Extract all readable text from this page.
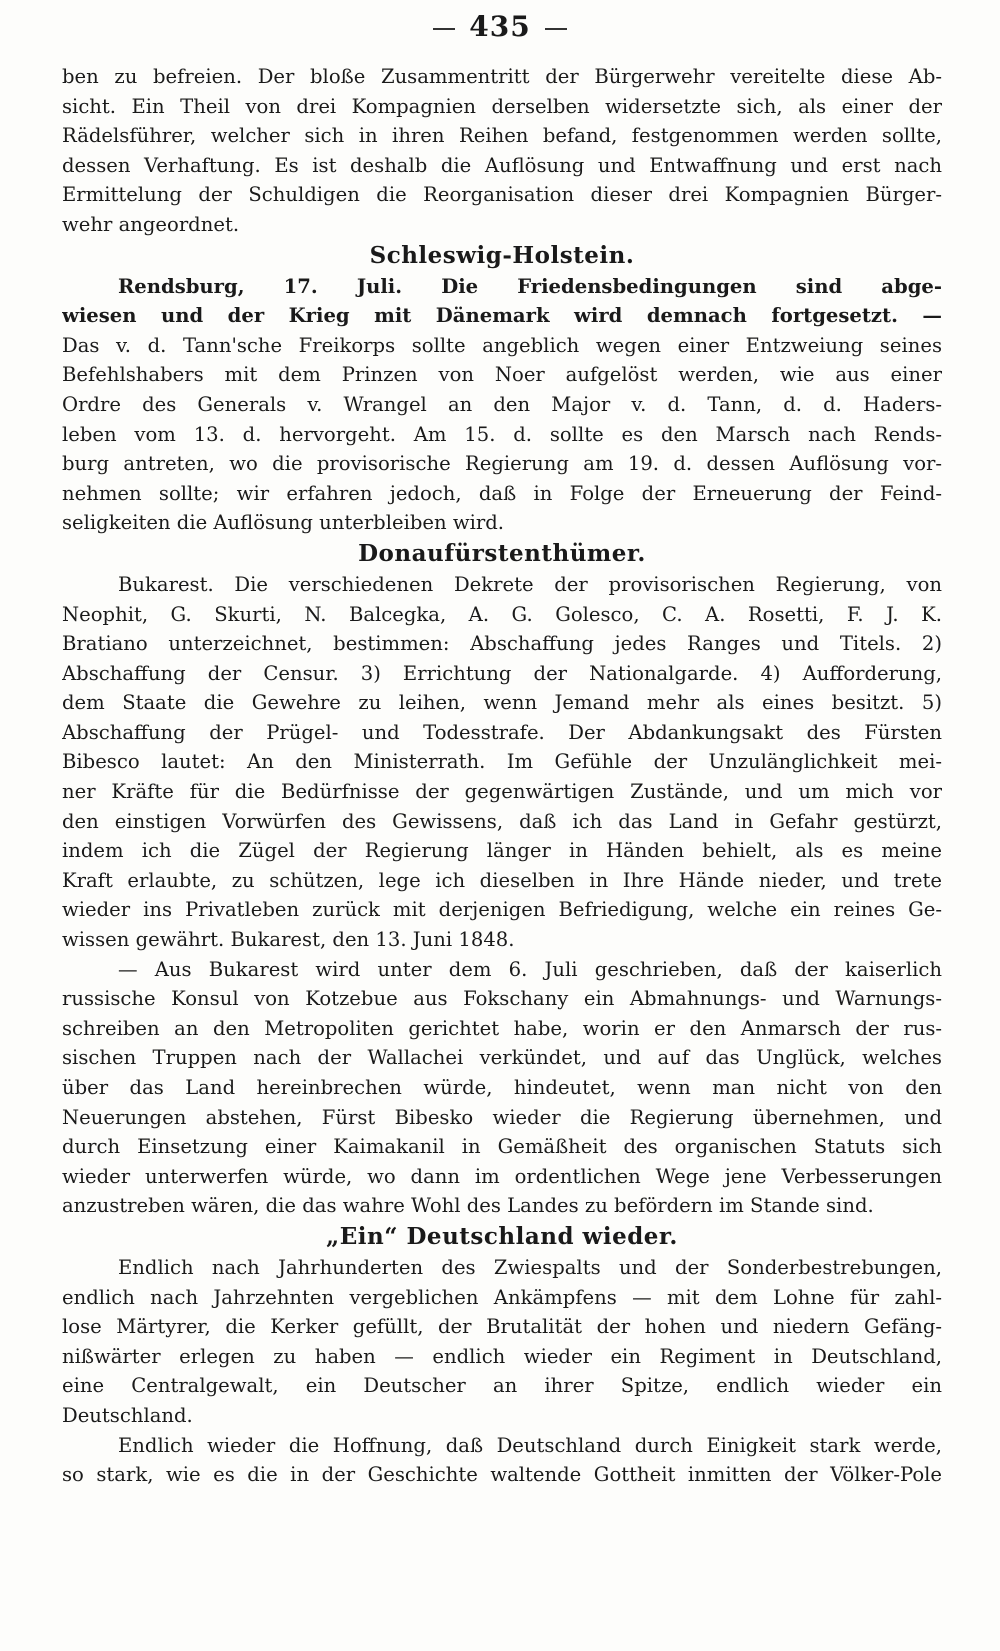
435
ben zu befreien. Der bloße Zusammentritt der Bürgerwehr vereitelte diese Ab-
sicht. Ein Theil von drei Kompagnien derselben widersetzte sich, als einer der
Rädelsführer, welcher sich in ihren Reihen befand, festgenommen werden sollte,
dessen Verhaftung. Es ist deshalb die Auflösung und Entwaffnung und erst nach
Ermittelung der Schuldigen die Reorganisation dieser drei Kompagnien Bürger-
wehr angeordnet.
Schleswig-Holstein.
Rendsburg, 17. Juli. Die Friedensbedingungen sind abge-
wiesen und der Krieg mit Dänemark wird demnach fortgesetzt. —
Das v. d. Tann'sche Freikorps sollte angeblich wegen einer Entzweiung seines
Befehlshabers mit dem Prinzen von Noer aufgelöst werden, wie aus einer
Ordre des Generals v. Wrangel an den Major v. d. Tann, d. d. Haders-
leben vom 13. d. hervorgeht. Am 15. d. sollte es den Marsch nach Rends-
burg antreten, wo die provisorische Regierung am 19. d. dessen Auflösung vor-
nehmen sollte; wir erfahren jedoch, daß in Folge der Erneuerung der Feind-
seligkeiten die Auflösung unterbleiben wird.
Donaufürstenthümer.
Bukarest. Die verschiedenen Dekrete der provisorischen Regierung, von
Neophit, G. Skurti, N. Balcegka, A. G. Golesco, C. A. Rosetti, F. J. K.
Bratiano unterzeichnet, bestimmen: Abschaffung jedes Ranges und Titels. 2)
Abschaffung der Censur. 3) Errichtung der Nationalgarde. 4) Aufforderung,
dem Staate die Gewehre zu leihen, wenn Jemand mehr als eines besitzt. 5)
Abschaffung der Prügel- und Todesstrafe. Der Abdankungsakt des Fürsten
Bibesco lautet: An den Ministerrath. Im Gefühle der Unzulänglichkeit mei-
ner Kräfte für die Bedürfnisse der gegenwärtigen Zustände, und um mich vor
den einstigen Vorwürfen des Gewissens, daß ich das Land in Gefahr gestürzt,
indem ich die Zügel der Regierung länger in Händen behielt, als es meine
Kraft erlaubte, zu schützen, lege ich dieselben in Ihre Hände nieder, und trete
wieder ins Privatleben zurück mit derjenigen Befriedigung, welche ein reines Ge-
wissen gewährt. Bukarest, den 13. Juni 1848.
— Aus Bukarest wird unter dem 6. Juli geschrieben, daß der kaiserlich
russische Konsul von Kotzebue aus Fokschany ein Abmahnungs- und Warnungs-
schreiben an den Metropoliten gerichtet habe, worin er den Anmarsch der rus-
sischen Truppen nach der Wallachei verkündet, und auf das Unglück, welches
über das Land hereinbrechen würde, hindeutet, wenn man nicht von den
Neuerungen abstehen, Fürst Bibesko wieder die Regierung übernehmen, und
durch Einsetzung einer Kaimakanil in Gemäßheit des organischen Statuts sich
wieder unterwerfen würde, wo dann im ordentlichen Wege jene Verbesserungen
anzustreben wären, die das wahre Wohl des Landes zu befördern im Stande sind.
„Ein“ Deutschland wieder.
Endlich nach Jahrhunderten des Zwiespalts und der Sonderbestrebungen,
endlich nach Jahrzehnten vergeblichen Ankämpfens — mit dem Lohne für zahl-
lose Märtyrer, die Kerker gefüllt, der Brutalität der hohen und niedern Gefäng-
nißwärter erlegen zu haben — endlich wieder ein Regiment in Deutschland,
eine Centralgewalt, ein Deutscher an ihrer Spitze, endlich wieder ein
Deutschland.
Endlich wieder die Hoffnung, daß Deutschland durch Einigkeit stark werde,
so stark, wie es die in der Geschichte waltende Gottheit inmitten der Völker-Pole
